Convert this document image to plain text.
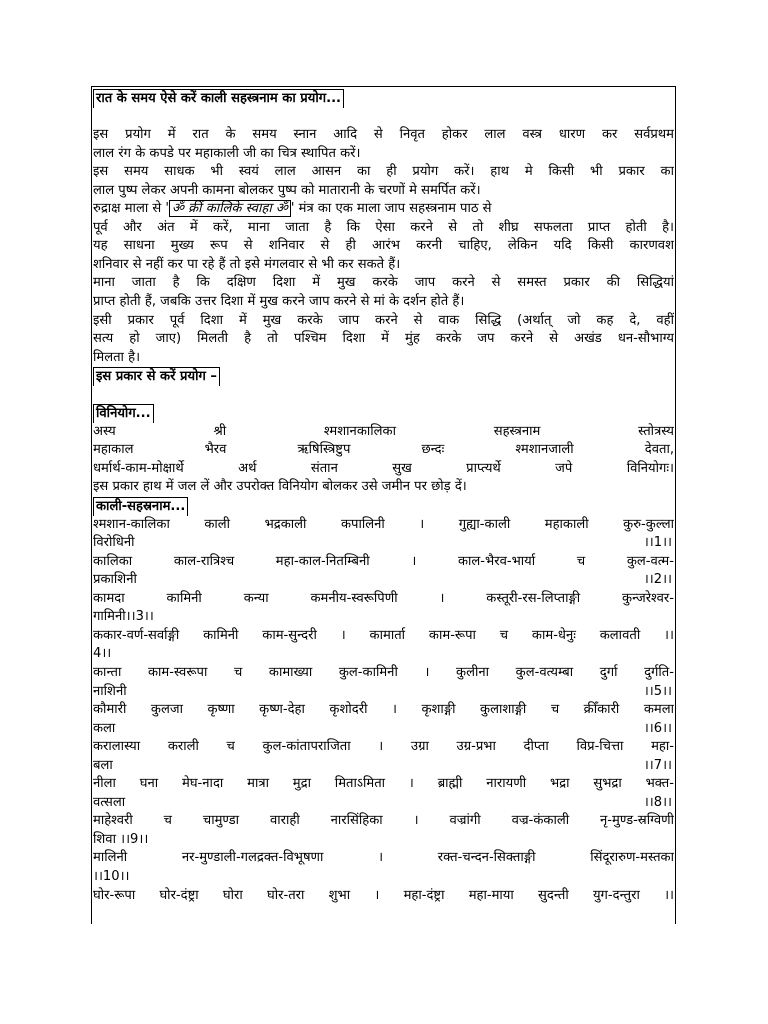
रात के समय ऐसे करें काली सहस्त्रनाम का प्रयोग...
इस प्रयोग में रात के समय स्नान आदि से निवृत होकर लाल वस्त्र धारण कर सर्वप्रथम
लाल रंग के कपडे पर महाकाली जी का चित्र स्थापित करें।
इस समय साधक भी स्वयं लाल आसन का ही प्रयोग करें। हाथ मे किसी भी प्रकार का
लाल पुष्प लेकर अपनी कामना बोलकर पुष्प को मातारानी के चरणों मे समर्पित करें।
रुद्राक्ष माला से ' ॐ क्रीं कालिके स्वाहा ॐ ' मंत्र का एक माला जाप सहस्त्रनाम पाठ से
पूर्व और अंत में करें, माना जाता है कि ऐसा करने से तो शीघ्र सफलता प्राप्त होती है।
यह साधना मुख्य रूप से शनिवार से ही आरंभ करनी चाहिए, लेकिन यदि किसी कारणवश
शनिवार से नहीं कर पा रहे हैं तो इसे मंगलवार से भी कर सकते हैं।
माना जाता है कि दक्षिण दिशा में मुख करके जाप करने से समस्त प्रकार की सिद्धियां
प्राप्त होती हैं, जबकि उत्तर दिशा में मुख करने जाप करने से मां के दर्शन होते हैं।
इसी प्रकार पूर्व दिशा में मुख करके जाप करने से वाक सिद्धि (अर्थात् जो कह दे, वहीं
सत्य हो जाए) मिलती है तो पश्चिम दिशा में मुंह करके जप करने से अखंड धन-सौभाग्य
मिलता है।
इस प्रकार से करें प्रयोग –
विनियोग...
अस्य श्री श्मशानकालिका सहस्त्रनाम स्तोत्रस्य
महाकाल भैरव ऋषिस्त्रिष्टुप छन्दः श्मशानजाली देवता,
धर्मार्थ-काम-मोक्षार्थे अर्थ संतान सुख प्राप्त्यर्थे जपे विनियोगः।
इस प्रकार हाथ में जल लें और उपरोक्त विनियोग बोलकर उसे जमीन पर छोड़ दें।
काली-सहस्रनाम...
श्मशान-कालिका काली भद्रकाली कपालिनी । गुह्या-काली महाकाली कुरु-कुल्ला
विरोधिनी	।।1।।
कालिका काल-रात्रिश्च महा-काल-नितम्बिनी । काल-भैरव-भार्या च कुल-वत्म-
प्रकाशिनी	।।2।।
कामदा कामिनी कन्या कमनीय-स्वरूपिणी । कस्तूरी-रस-लिप्ताङ्गी कुन्जरेश्वर-
गामिनी।।3।।
ककार-वर्ण-सर्वाङ्गी कामिनी काम-सुन्दरी । कामार्ता काम-रूपा च काम-धेनुः कलावती ।।
4।।
कान्ता काम-स्वरूपा च कामाख्या कुल-कामिनी । कुलीना कुल-वत्यम्बा दुर्गा दुर्गति-
नाशिनी	।।5।।
कौमारी कुलजा कृष्णा कृष्ण-देहा कृशोदरी । कृशाङ्गी कुलाशाङ्गी च क्रीँकारी कमला
कला	।।6।।
करालास्या कराली च कुल-कांतापराजिता । उग्रा उग्र-प्रभा दीप्ता विप्र-चित्ता महा-
बला	।।7।।
नीला घना मेघ-नादा मात्रा मुद्रा मिताऽमिता । ब्राह्मी नारायणी भद्रा सुभद्रा भक्त-
वत्सला	।।8।।
माहेश्वरी च चामुण्डा वाराही नारसिंहिका । वज्रांगी वज्र-कंकाली नृ-मुण्ड-स्रग्विणी
शिवा ।।9।।
मालिनी नर-मुण्डाली-गलद्रक्त-विभूषणा । रक्त-चन्दन-सिक्ताङ्गी सिंदूरारुण-मस्तका
।।10।।
घोर-रूपा घोर-दंष्ट्रा घोरा घोर-तरा शुभा । महा-दंष्ट्रा महा-माया सुदन्ती युग-दन्तुरा ।।
